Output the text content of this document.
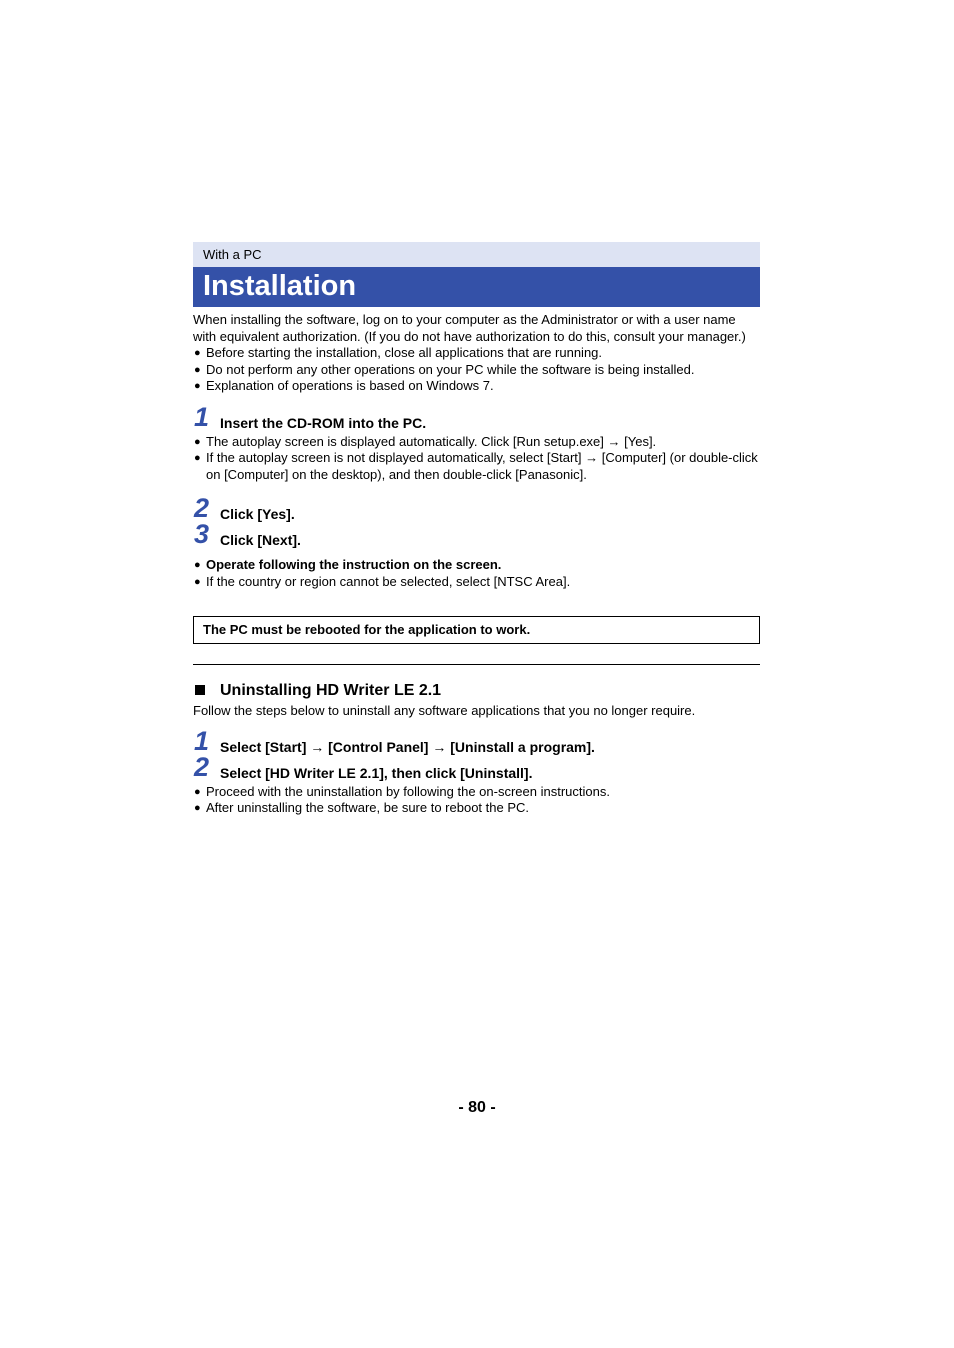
With a PC
Installation
When installing the software, log on to your computer as the Administrator or with a user name with equivalent authorization. (If you do not have authorization to do this, consult your manager.)
● Before starting the installation, close all applications that are running.
● Do not perform any other operations on your PC while the software is being installed.
● Explanation of operations is based on Windows 7.
1 Insert the CD-ROM into the PC.
● The autoplay screen is displayed automatically. Click [Run setup.exe] → [Yes].
● If the autoplay screen is not displayed automatically, select [Start] → [Computer] (or double-click on [Computer] on the desktop), and then double-click [Panasonic].
2 Click [Yes].
3 Click [Next].
● Operate following the instruction on the screen.
● If the country or region cannot be selected, select [NTSC Area].
The PC must be rebooted for the application to work.
Uninstalling HD Writer LE 2.1
Follow the steps below to uninstall any software applications that you no longer require.
1 Select [Start] → [Control Panel] → [Uninstall a program].
2 Select [HD Writer LE 2.1], then click [Uninstall].
● Proceed with the uninstallation by following the on-screen instructions.
● After uninstalling the software, be sure to reboot the PC.
- 80 -
